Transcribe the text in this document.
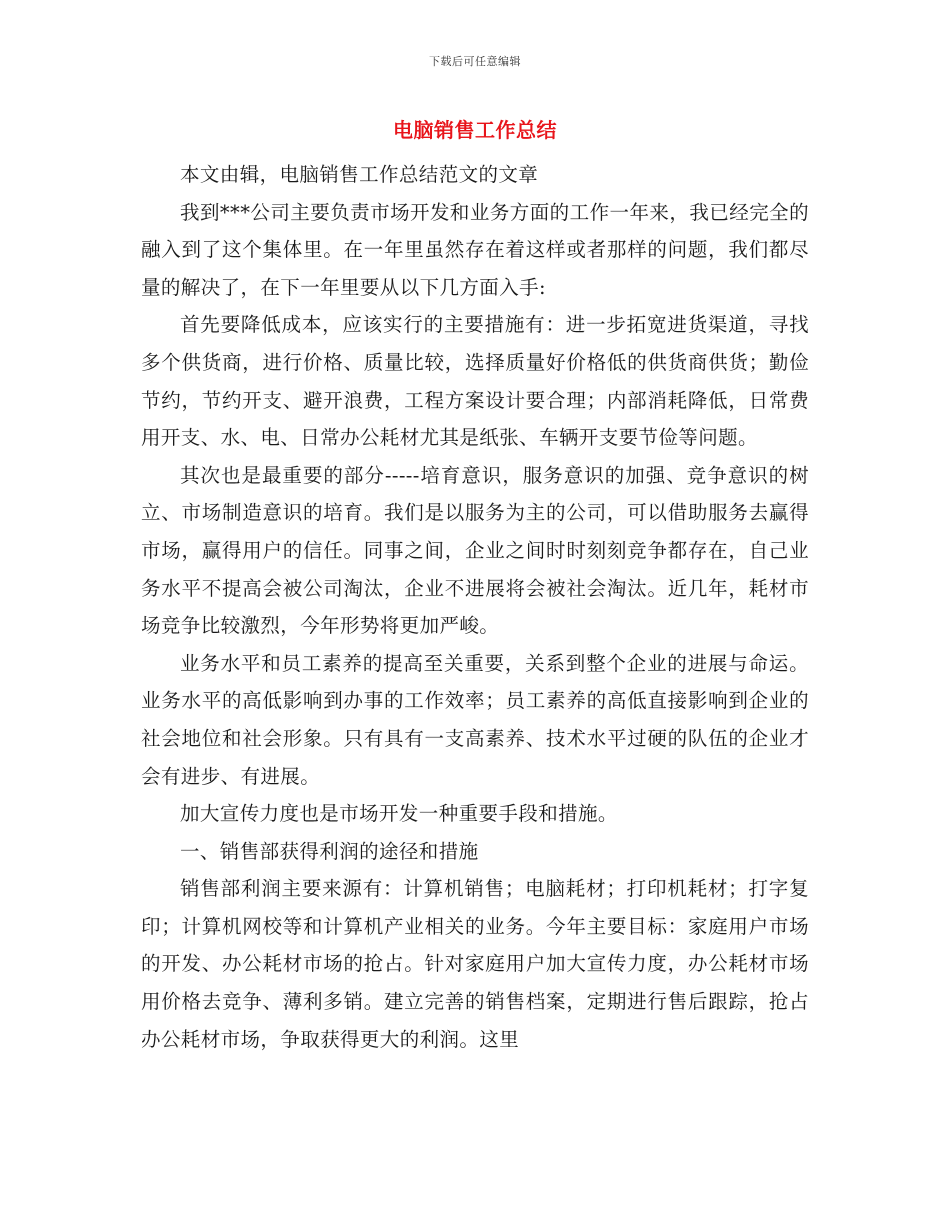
下载后可任意编辑
电脑销售工作总结

本文由辑，电脑销售工作总结范文的文章

我到***公司主要负责市场开发和业务方面的工作一年来，我已经完全的融入到了这个集体里。在一年里虽然存在着这样或者那样的问题，我们都尽量的解决了，在下一年里要从以下几方面入手:

首先要降低成本，应该实行的主要措施有：进一步拓宽进货渠道，寻找多个供货商，进行价格、质量比较，选择质量好价格低的供货商供货；勤俭节约，节约开支、避开浪费，工程方案设计要合理；内部消耗降低，日常费用开支、水、电、日常办公耗材尤其是纸张、车辆开支要节俭等问题。

其次也是最重要的部分-----培育意识，服务意识的加强、竞争意识的树立、市场制造意识的培育。我们是以服务为主的公司，可以借助服务去赢得市场，赢得用户的信任。同事之间，企业之间时时刻刻竞争都存在，自己业务水平不提高会被公司淘汰，企业不进展将会被社会淘汰。近几年，耗材市场竞争比较激烈，今年形势将更加严峻。

业务水平和员工素养的提高至关重要，关系到整个企业的进展与命运。业务水平的高低影响到办事的工作效率；员工素养的高低直接影响到企业的社会地位和社会形象。只有具有一支高素养、技术水平过硬的队伍的企业才会有进步、有进展。

加大宣传力度也是市场开发一种重要手段和措施。

一、销售部获得利润的途径和措施

销售部利润主要来源有：计算机销售；电脑耗材；打印机耗材；打字复印；计算机网校等和计算机产业相关的业务。今年主要目标：家庭用户市场的开发、办公耗材市场的抢占。针对家庭用户加大宣传力度，办公耗材市场用价格去竞争、薄利多销。建立完善的销售档案，定期进行售后跟踪，抢占办公耗材市场，争取获得更大的利润。这里
